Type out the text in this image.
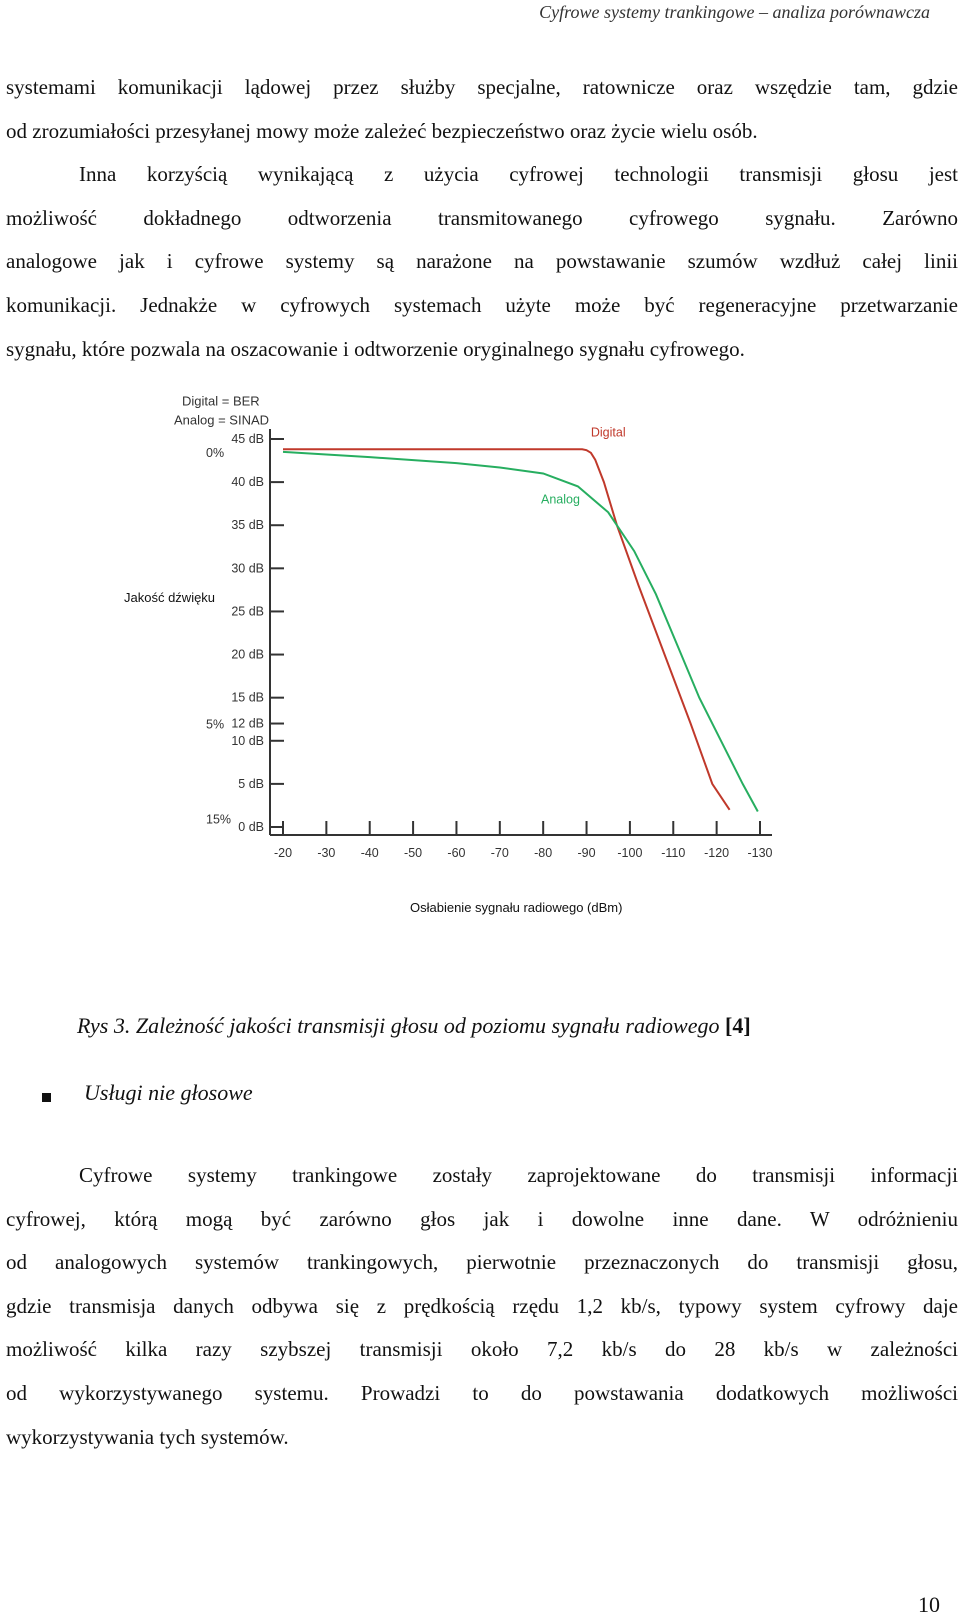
Cyfrowe systemy trankingowe – analiza porównawcza
systemami komunikacji lądowej przez służby specjalne, ratownicze oraz wszędzie tam, gdzie
od zrozumiałości przesyłanej mowy może zależeć bezpieczeństwo oraz życie wielu osób.
Inna korzyścią wynikającą z użycia cyfrowej technologii transmisji głosu jest
możliwość dokładnego odtworzenia transmitowanego cyfrowego sygnału. Zarówno
analogowe jak i cyfrowe systemy są narażone na powstawanie szumów wzdłuż całej linii
komunikacji. Jednakże w cyfrowych systemach użyte może być regeneracyjne przetwarzanie
sygnału, które pozwala na oszacowanie i odtworzenie oryginalnego sygnału cyfrowego.
Digital = BER
Analog = SINAD
Jakość dźwięku
Osłabienie sygnału radiowego (dBm)
45 dB
40 dB
35 dB
30 dB
25 dB
20 dB
15 dB
12 dB
10 dB
5 dB
0 dB
0%
5%
15%
-20 -30 -40 -50 -60 -70 -80 -90 -100 -110 -120 -130
Digital
Analog
Rys 3. Zależność jakości transmisji głosu od poziomu sygnału radiowego [4]
Usługi nie głosowe
Cyfrowe systemy trankingowe zostały zaprojektowane do transmisji informacji
cyfrowej, którą mogą być zarówno głos jak i dowolne inne dane. W odróżnieniu
od analogowych systemów trankingowych, pierwotnie przeznaczonych do transmisji głosu,
gdzie transmisja danych odbywa się z prędkością rzędu 1,2 kb/s, typowy system cyfrowy daje
możliwość kilka razy szybszej transmisji około 7,2 kb/s do 28 kb/s w zależności
od wykorzystywanego systemu. Prowadzi to do powstawania dodatkowych możliwości
wykorzystywania tych systemów.
10
